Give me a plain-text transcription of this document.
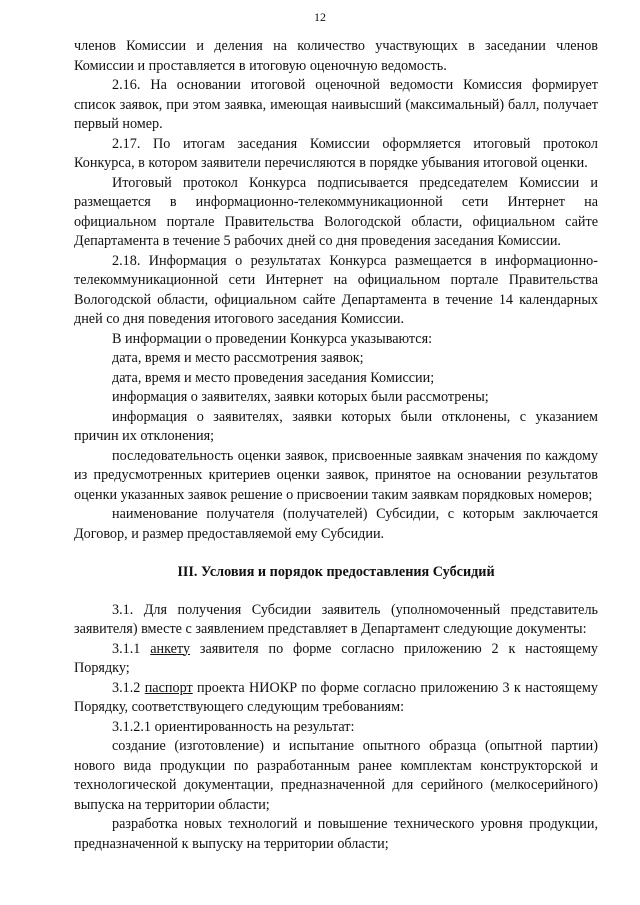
12

членов Комиссии и деления на количество участвующих в заседании членов Комиссии и проставляется в итоговую оценочную ведомость.

2.16. На основании итоговой оценочной ведомости Комиссия формирует список заявок, при этом заявка, имеющая наивысший (максимальный) балл, получает первый номер.

2.17. По итогам заседания Комиссии оформляется итоговый протокол Конкурса, в котором заявители перечисляются в порядке убывания итоговой оценки.

Итоговый протокол Конкурса подписывается председателем Комиссии и размещается в информационно-телекоммуникационной сети Интернет на официальном портале Правительства Вологодской области, официальном сайте Департамента в течение 5 рабочих дней со дня проведения заседания Комиссии.

2.18. Информация о результатах Конкурса размещается в информационно-телекоммуникационной сети Интернет на официальном портале Правительства Вологодской области, официальном сайте Департамента в течение 14 календарных дней со дня поведения итогового заседания Комиссии.

В информации о проведении Конкурса указываются:

дата, время и место рассмотрения заявок;

дата, время и место проведения заседания Комиссии;

информация о заявителях, заявки которых были рассмотрены;

информация о заявителях, заявки которых были отклонены, с указанием причин их отклонения;

последовательность оценки заявок, присвоенные заявкам значения по каждому из предусмотренных критериев оценки заявок, принятое на основании результатов оценки указанных заявок решение о присвоении таким заявкам порядковых номеров;

наименование получателя (получателей) Субсидии, с которым заключается Договор, и размер предоставляемой ему Субсидии.

III. Условия и порядок предоставления Субсидий

3.1. Для получения Субсидии заявитель (уполномоченный представитель заявителя) вместе с заявлением представляет в Департамент следующие документы:

3.1.1 анкету заявителя по форме согласно приложению 2 к настоящему Порядку;

3.1.2 паспорт проекта НИОКР по форме согласно приложению 3 к настоящему Порядку, соответствующего следующим требованиям:

3.1.2.1 ориентированность на результат:

создание (изготовление) и испытание опытного образца (опытной партии) нового вида продукции по разработанным ранее комплектам конструкторской и технологической документации, предназначенной для серийного (мелкосерийного) выпуска на территории области;

разработка новых технологий и повышение технического уровня продукции, предназначенной к выпуску на территории области;
